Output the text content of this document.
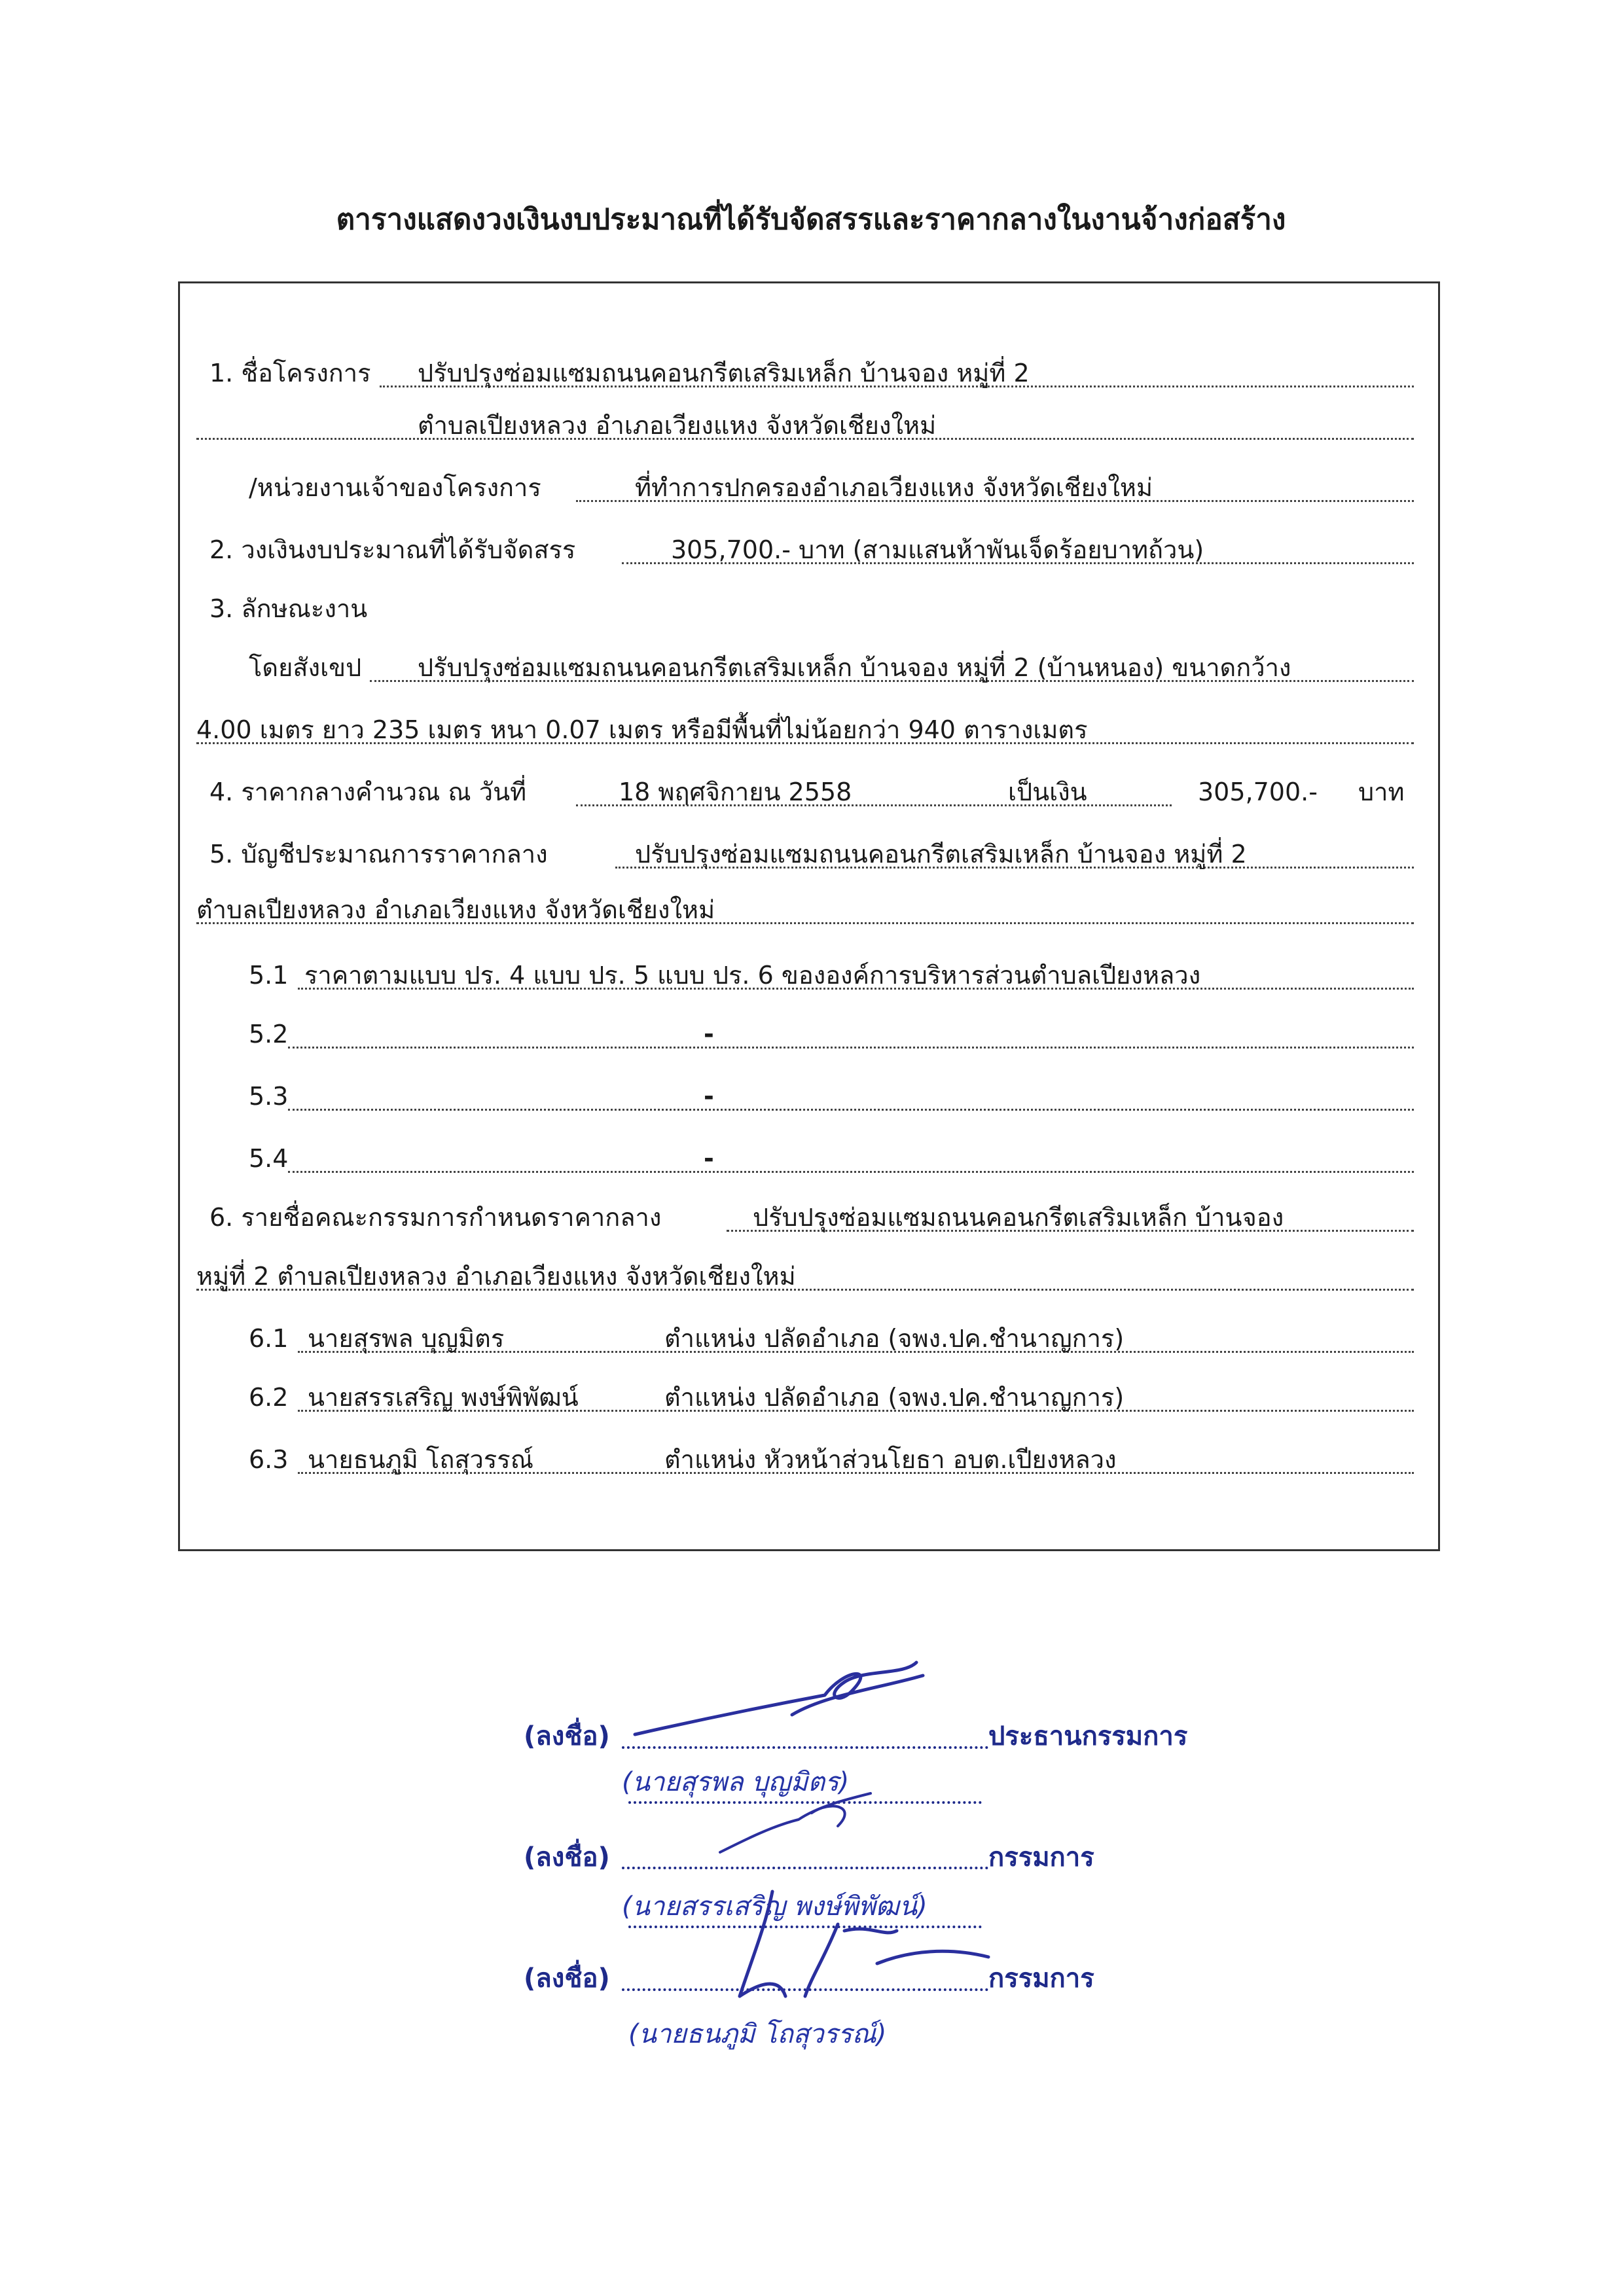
ตารางแสดงวงเงินงบประมาณที่ได้รับจัดสรรและราคากลางในงานจ้างก่อสร้าง
1. ชื่อโครงการ ปรับปรุงซ่อมแซมถนนคอนกรีตเสริมเหล็ก บ้านจอง หมู่ที่ 2
ตำบลเปียงหลวง อำเภอเวียงแหง จังหวัดเชียงใหม่
/หน่วยงานเจ้าของโครงการ	ที่ทำการปกครองอำเภอเวียงแหง จังหวัดเชียงใหม่
2. วงเงินงบประมาณที่ได้รับจัดสรร	305,700.- บาท (สามแสนห้าพันเจ็ดร้อยบาทถ้วน)
3. ลักษณะงาน
โดยสังเขป ปรับปรุงซ่อมแซมถนนคอนกรีตเสริมเหล็ก บ้านจอง หมู่ที่ 2 (บ้านหนอง) ขนาดกว้าง
4.00 เมตร ยาว 235 เมตร หนา 0.07 เมตร หรือมีพื้นที่ไม่น้อยกว่า 940 ตารางเมตร
4. ราคากลางคำนวณ ณ วันที่	18 พฤศจิกายน 2558	เป็นเงิน	305,700.- บาท
5. บัญชีประมาณการราคากลาง	ปรับปรุงซ่อมแซมถนนคอนกรีตเสริมเหล็ก บ้านจอง หมู่ที่ 2
ตำบลเปียงหลวง อำเภอเวียงแหง จังหวัดเชียงใหม่
5.1 ราคาตามแบบ ปร. 4 แบบ ปร. 5 แบบ ปร. 6 ขององค์การบริหารส่วนตำบลเปียงหลวง
5.2	-
5.3	-
5.4	-
6. รายชื่อคณะกรรมการกำหนดราคากลาง	ปรับปรุงซ่อมแซมถนนคอนกรีตเสริมเหล็ก บ้านจอง
หมู่ที่ 2 ตำบลเปียงหลวง อำเภอเวียงแหง จังหวัดเชียงใหม่
6.1 นายสุรพล บุญมิตร	ตำแหน่ง ปลัดอำเภอ (จพง.ปค.ชำนาญการ)
6.2 นายสรรเสริญ พงษ์พิพัฒน์	ตำแหน่ง ปลัดอำเภอ (จพง.ปค.ชำนาญการ)
6.3 นายธนภูมิ โถสุวรรณ์	ตำแหน่ง หัวหน้าส่วนโยธา อบต.เปียงหลวง
(ลงชื่อ)	ประธานกรรมการ
(นายสุรพล บุญมิตร)
(ลงชื่อ)	กรรมการ
(นายสรรเสริญ พงษ์พิพัฒน์)
(ลงชื่อ)	กรรมการ
(นายธนภูมิ โถสุวรรณ์)
